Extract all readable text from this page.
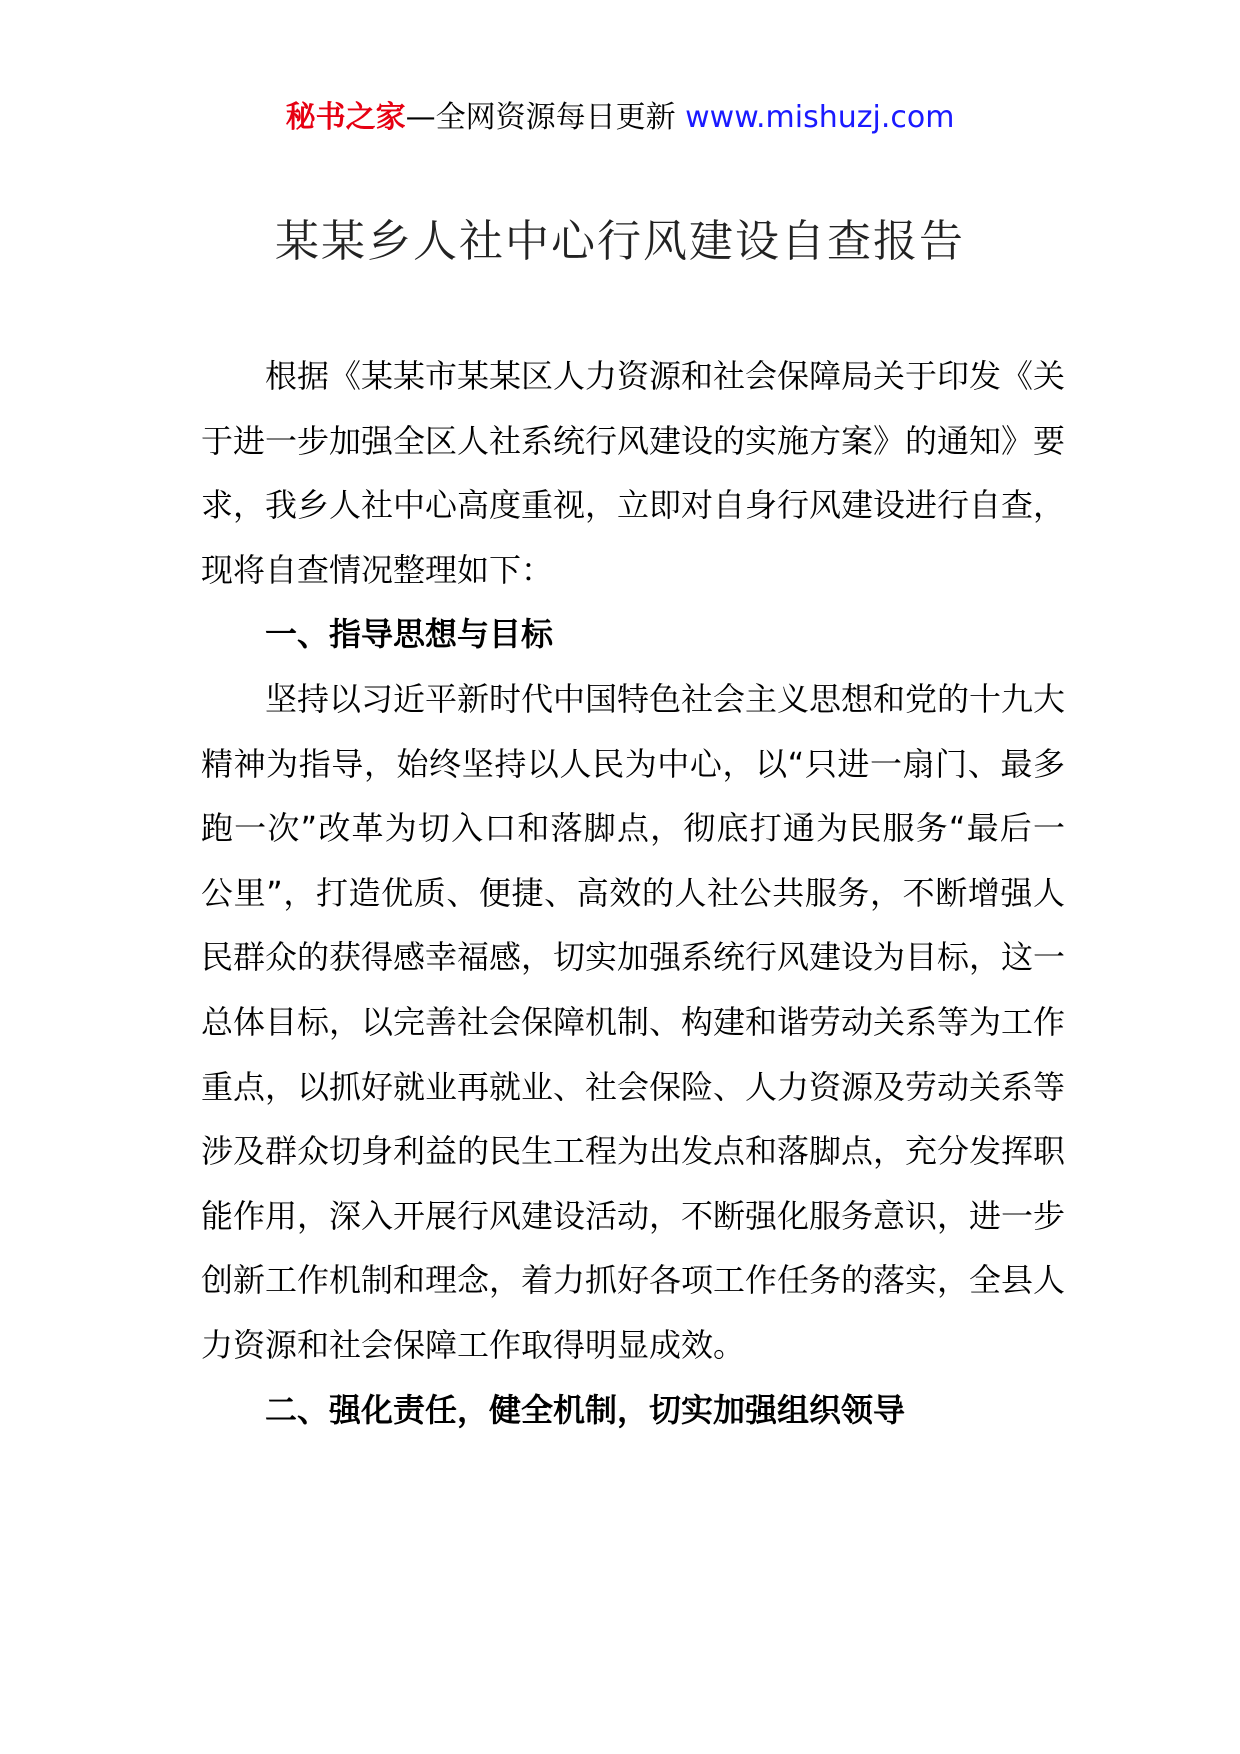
秘书之家—全网资源每日更新 www.mishuzj.com
某某乡人社中心行风建设自查报告

根据《某某市某某区人力资源和社会保障局关于印发《关于进一步加强全区人社系统行风建设的实施方案》的通知》要求，我乡人社中心高度重视，立即对自身行风建设进行自查，现将自查情况整理如下：

一、指导思想与目标

坚持以习近平新时代中国特色社会主义思想和党的十九大精神为指导，始终坚持以人民为中心，以“只进一扇门、最多跑一次”改革为切入口和落脚点，彻底打通为民服务“最后一公里”，打造优质、便捷、高效的人社公共服务，不断增强人民群众的获得感幸福感，切实加强系统行风建设为目标，这一总体目标，以完善社会保障机制、构建和谐劳动关系等为工作重点，以抓好就业再就业、社会保险、人力资源及劳动关系等涉及群众切身利益的民生工程为出发点和落脚点，充分发挥职能作用，深入开展行风建设活动，不断强化服务意识，进一步创新工作机制和理念，着力抓好各项工作任务的落实，全县人力资源和社会保障工作取得明显成效。

二、强化责任，健全机制，切实加强组织领导
